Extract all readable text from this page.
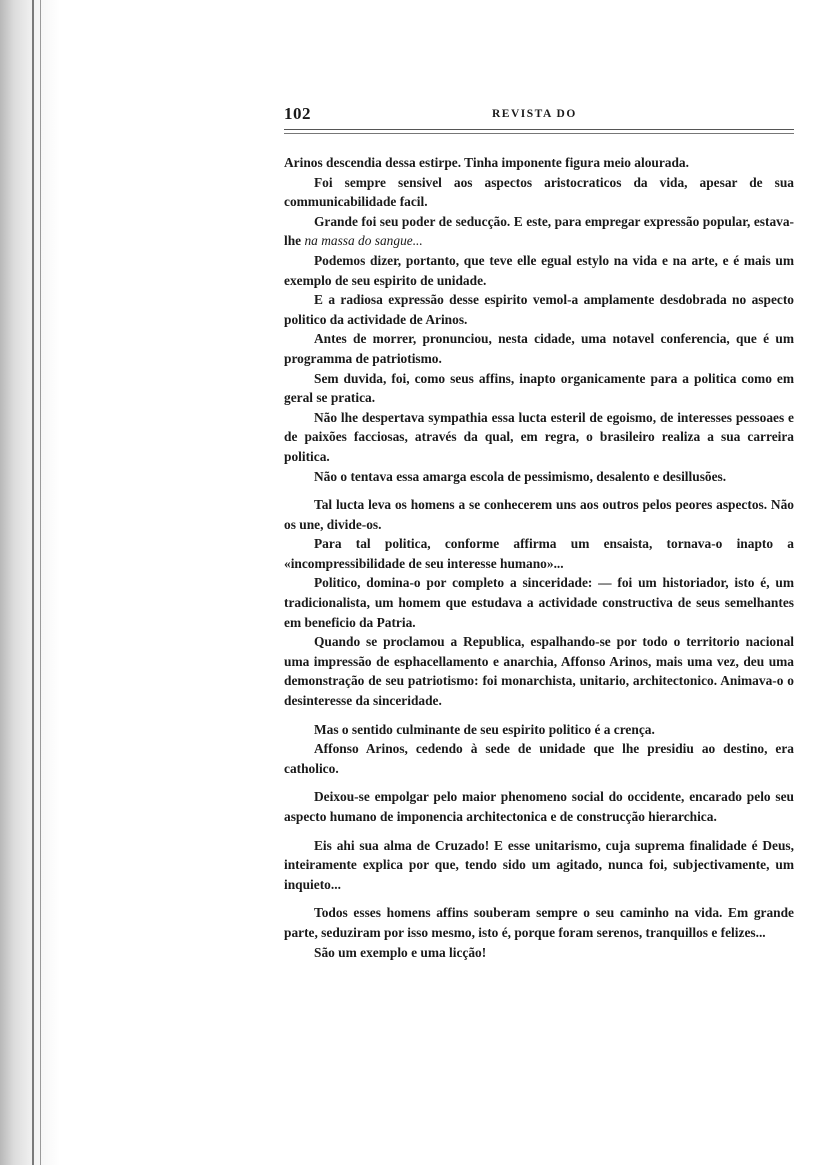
102	REVISTA DO

Arinos descendia dessa estirpe. Tinha imponente figura meio alourada.

Foi sempre sensivel aos aspectos aristocraticos da vida, apesar de sua communicabilidade facil.

Grande foi seu poder de seducção. E este, para empregar expressão popular, estava-lhe na massa do sangue...

Podemos dizer, portanto, que teve elle egual estylo na vida e na arte, e é mais um exemplo de seu espirito de unidade.

E a radiosa expressão desse espirito vemol-a amplamente desdobrada no aspecto politico da actividade de Arinos.

Antes de morrer, pronunciou, nesta cidade, uma notavel conferencia, que é um programma de patriotismo.

Sem duvida, foi, como seus affins, inapto organicamente para a politica como em geral se pratica.

Não lhe despertava sympathia essa lucta esteril de egoismo, de interesses pessoaes e de paixões facciosas, através da qual, em regra, o brasileiro realiza a sua carreira politica.

Não o tentava essa amarga escola de pessimismo, desalento e desillusões.

Tal lucta leva os homens a se conhecerem uns aos outros pelos peores aspectos. Não os une, divide-os.

Para tal politica, conforme affirma um ensaista, tornava-o inapto a «incompressibilidade de seu interesse humano»...

Politico, domina-o por completo a sinceridade: — foi um historiador, isto é, um tradicionalista, um homem que estudava a actividade constructiva de seus semelhantes em beneficio da Patria.

Quando se proclamou a Republica, espalhando-se por todo o territorio nacional uma impressão de esphacellamento e anarchia, Affonso Arinos, mais uma vez, deu uma demonstração de seu patriotismo: foi monarchista, unitario, architectonico. Animava-o o desinteresse da sinceridade.

Mas o sentido culminante de seu espirito politico é a crença.

Affonso Arinos, cedendo à sede de unidade que lhe presidiu ao destino, era catholico.

Deixou-se empolgar pelo maior phenomeno social do occidente, encarado pelo seu aspecto humano de imponencia architectonica e de construcção hierarchica.

Eis ahi sua alma de Cruzado! E esse unitarismo, cuja suprema finalidade é Deus, inteiramente explica por que, tendo sido um agitado, nunca foi, subjectivamente, um inquieto...

Todos esses homens affins souberam sempre o seu caminho na vida. Em grande parte, seduziram por isso mesmo, isto é, porque foram serenos, tranquillos e felizes...

São um exemplo e uma licção!
